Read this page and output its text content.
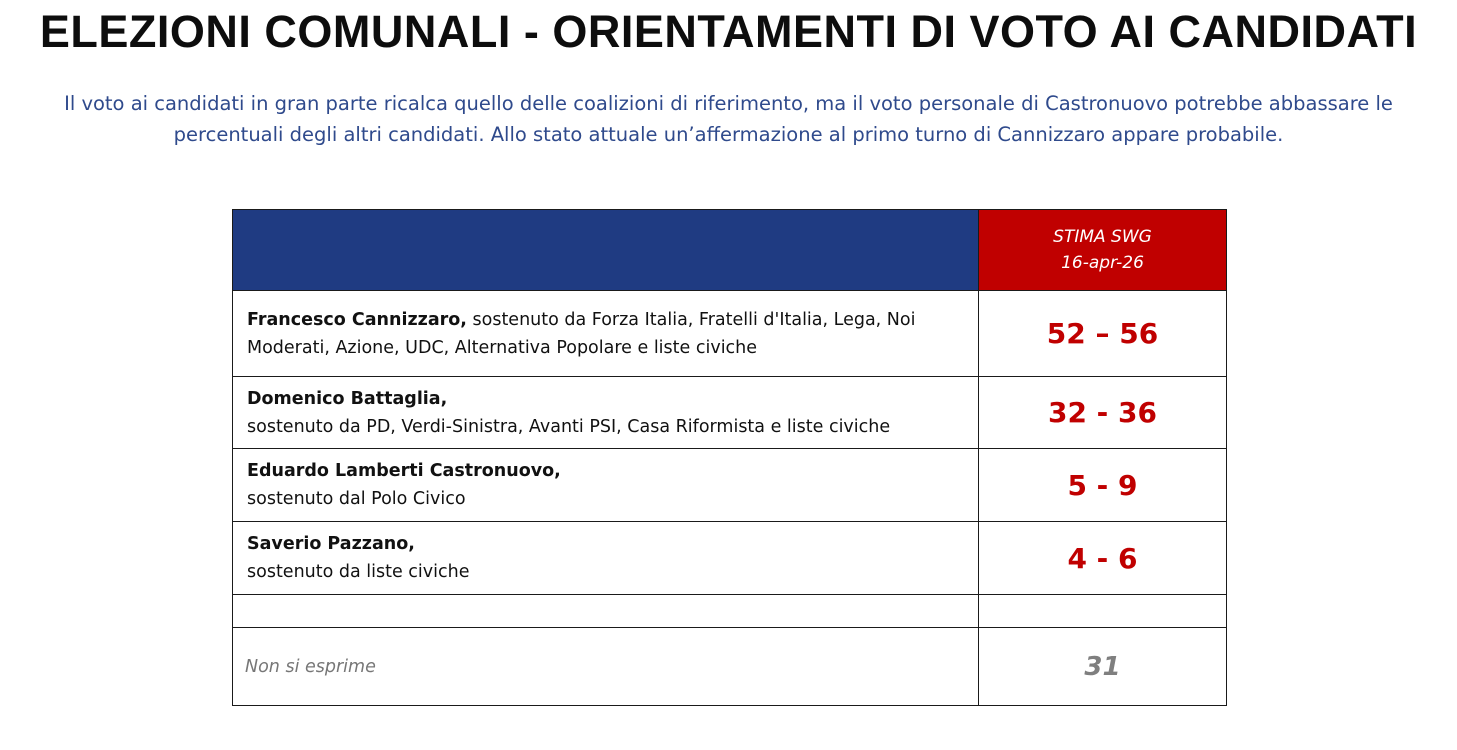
ELEZIONI COMUNALI - ORIENTAMENTI DI VOTO AI CANDIDATI
Il voto ai candidati in gran parte ricalca quello delle coalizioni di riferimento, ma il voto personale di Castronuovo potrebbe abbassare le
percentuali degli altri candidati. Allo stato attuale un’affermazione al primo turno di Cannizzaro appare probabile.

	STIMA SWG
16-apr-26

Francesco Cannizzaro, sostenuto da Forza Italia, Fratelli d'Italia, Lega, Noi
Moderati, Azione, UDC, Alternativa Popolare e liste civiche	52 – 56

Domenico Battaglia,
sostenuto da PD, Verdi-Sinistra, Avanti PSI, Casa Riformista e liste civiche	32 - 36

Eduardo Lamberti Castronuovo,
sostenuto dal Polo Civico	5 - 9

Saverio Pazzano,
sostenuto da liste civiche	4 - 6

Non si esprime	31
